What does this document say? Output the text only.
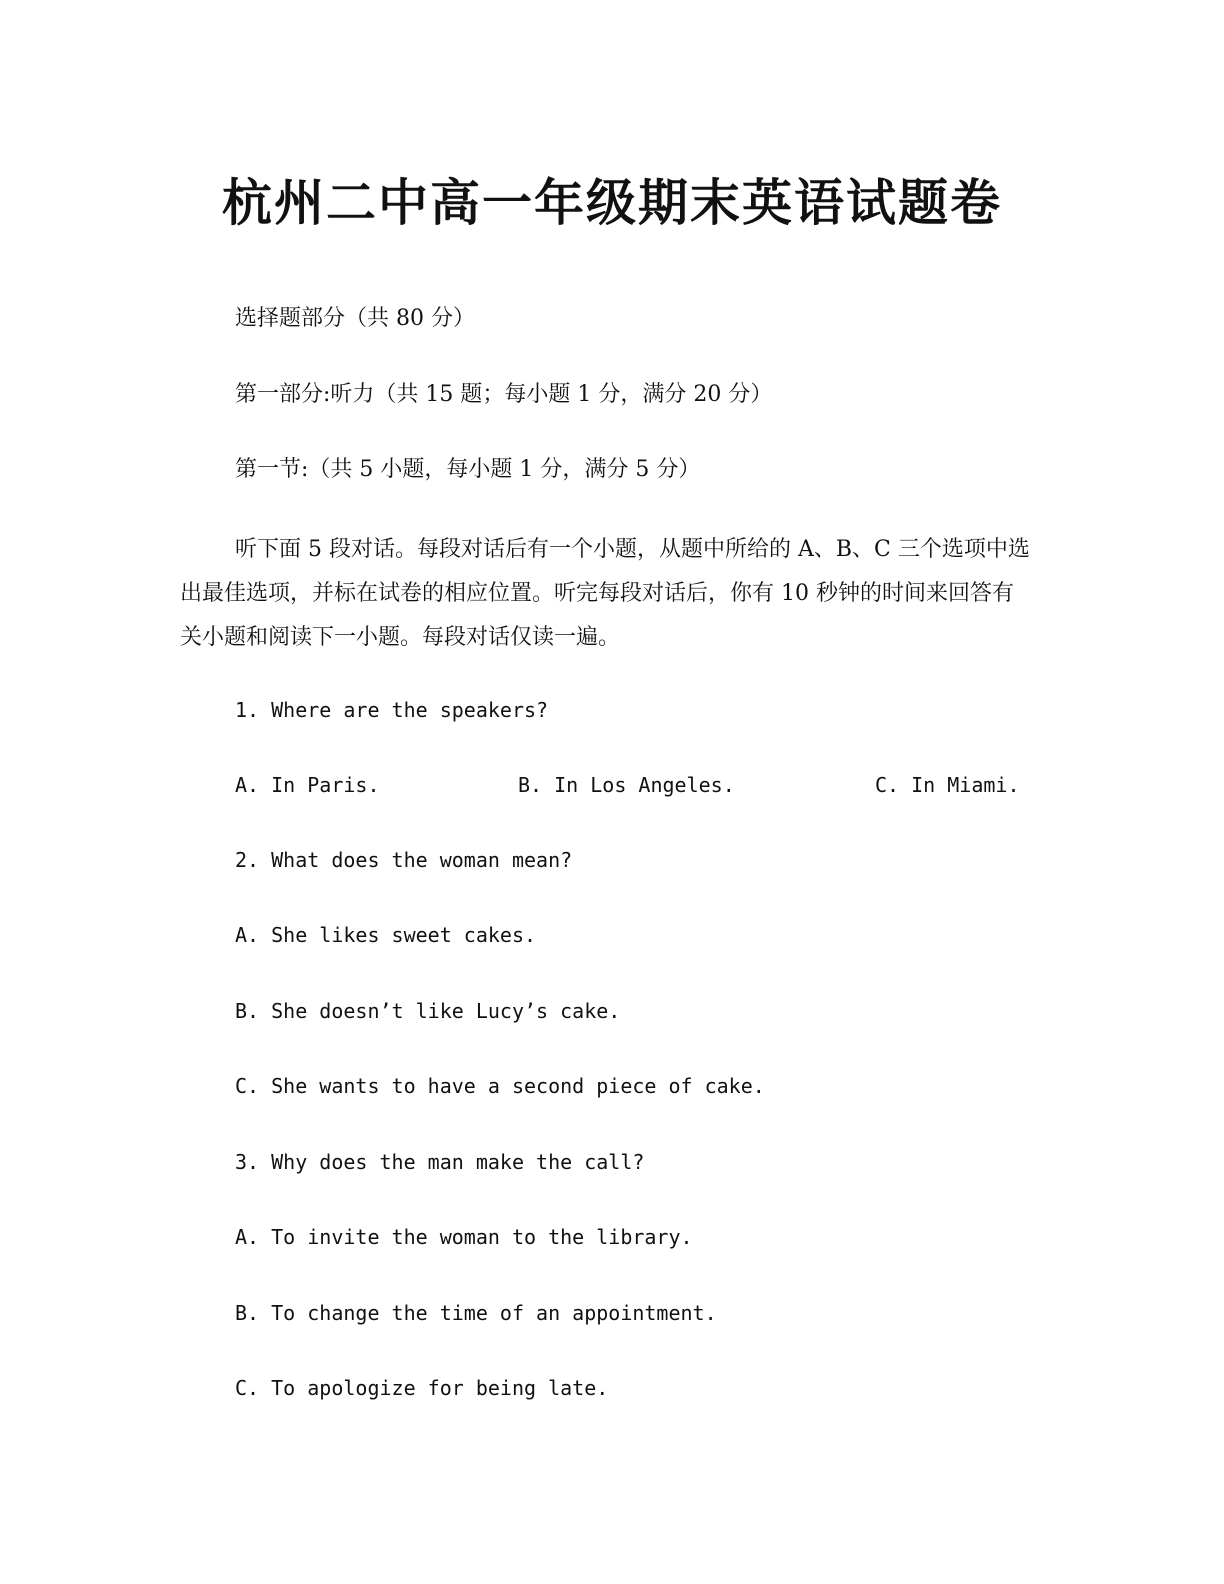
杭州二中高一年级期末英语试题卷

选择题部分（共 80 分）

第一部分:听力（共 15 题；每小题 1 分，满分 20 分）

第一节:（共 5 小题，每小题 1 分，满分 5 分）

听下面 5 段对话。每段对话后有一个小题，从题中所给的 A、B、C 三个选项中选出最佳选项，并标在试卷的相应位置。听完每段对话后，你有 10 秒钟的时间来回答有关小题和阅读下一小题。每段对话仅读一遍。

1. Where are the speakers?

A. In Paris.	B. In Los Angeles.	C. In Miami.

2. What does the woman mean?

A. She likes sweet cakes.

B. She doesn’t like Lucy’s cake.

C. She wants to have a second piece of cake.

3. Why does the man make the call?

A. To invite the woman to the library.

B. To change the time of an appointment.

C. To apologize for being late.
